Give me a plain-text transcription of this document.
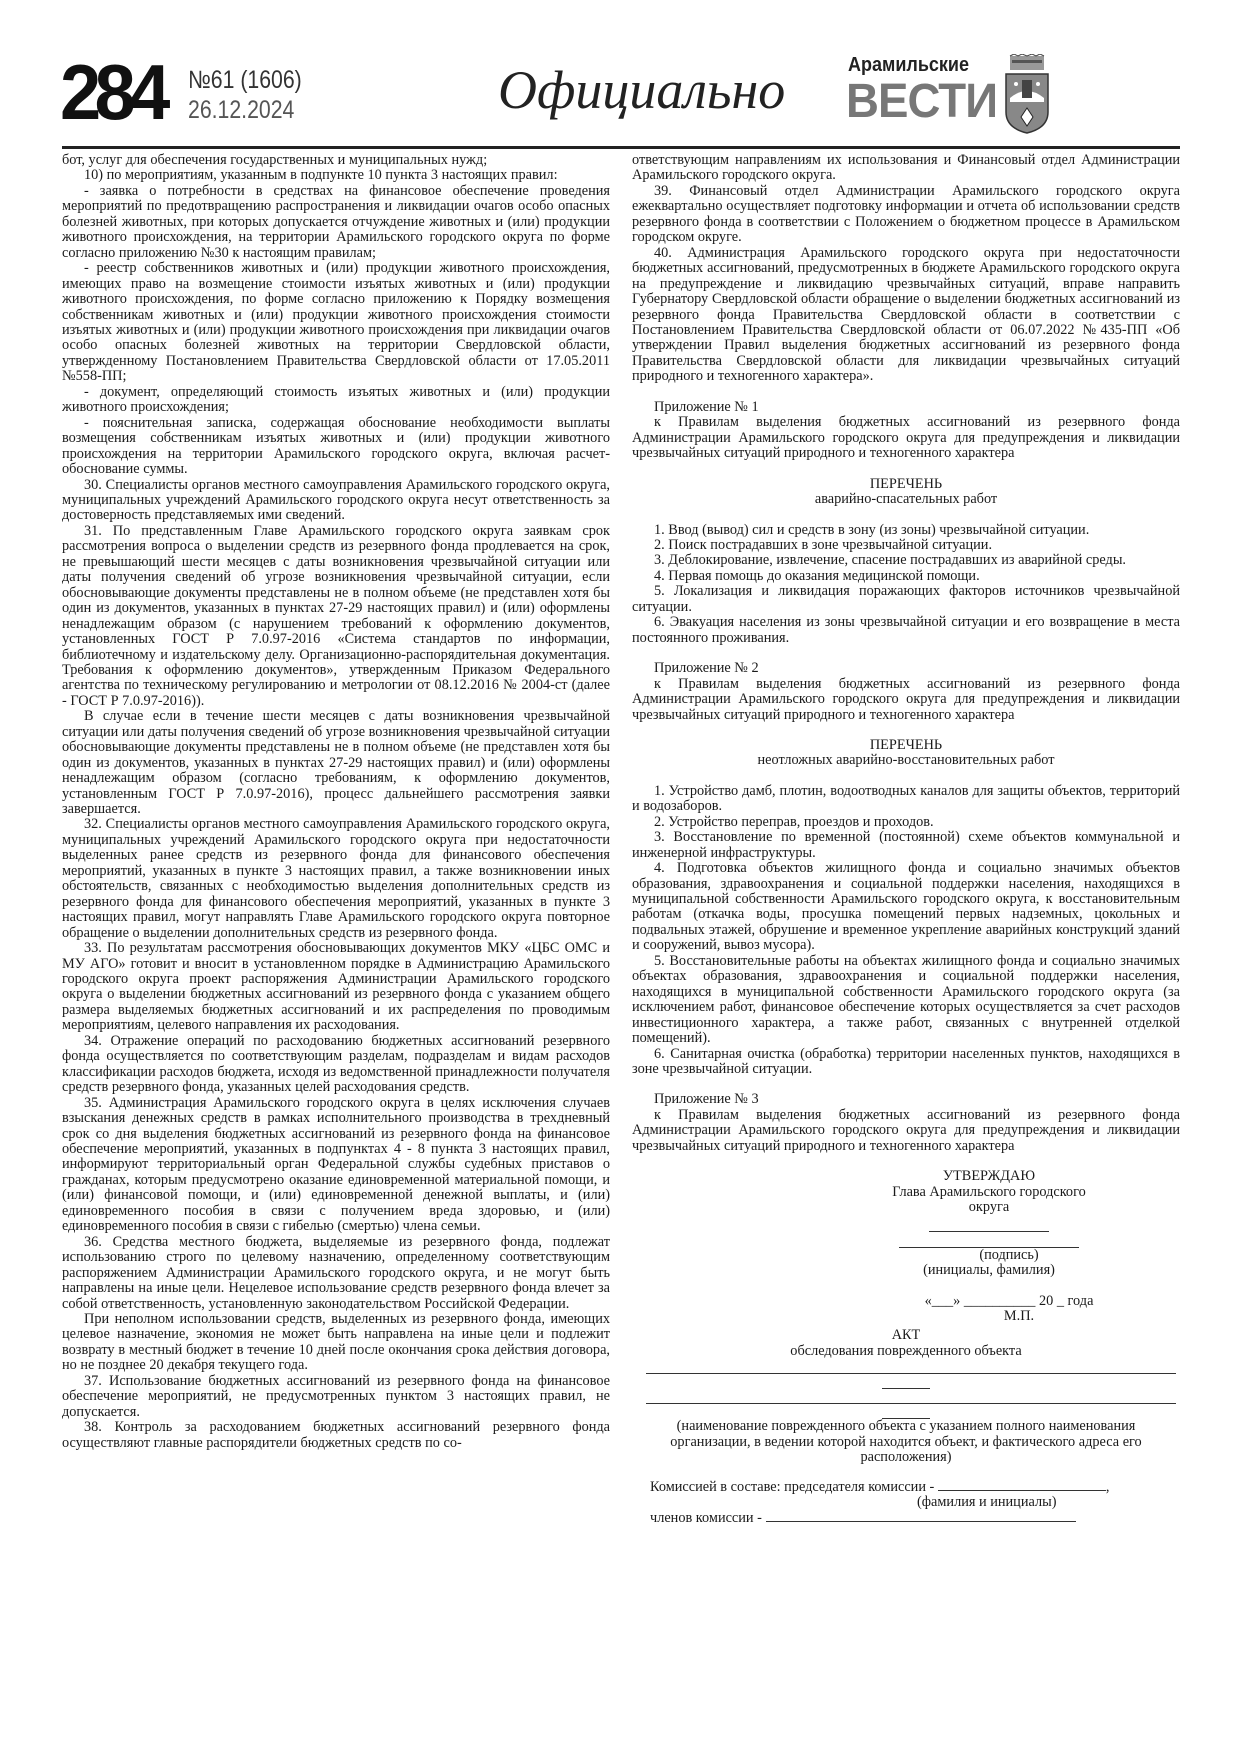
284 №61 (1606)
26.12.2024	Официально	Арамильские
ВЕСТИ

бот, услуг для обеспечения государственных и муниципальных нужд;

10) по мероприятиям, указанным в подпункте 10 пункта 3 настоящих правил:

- заявка о потребности в средствах на финансовое обеспечение проведения мероприятий по предотвращению распространения и ликвидации очагов особо опасных болезней животных, при которых допускается отчуждение животных и (или) продукции животного происхождения, на территории Арамильского городского округа по форме согласно приложению №30 к настоящим правилам;

- реестр собственников животных и (или) продукции животного происхождения, имеющих право на возмещение стоимости изъятых животных и (или) продукции животного происхождения, по форме согласно приложению к Порядку возмещения собственникам животных и (или) продукции животного происхождения стоимости изъятых животных и (или) продукции животного происхождения при ликвидации очагов особо опасных болезней животных на территории Свердловской области, утвержденному Постановлением Правительства Свердловской области от 17.05.2011 №558-ПП;

- документ, определяющий стоимость изъятых животных и (или) продукции животного происхождения;

- пояснительная записка, содержащая обоснование необходимости выплаты возмещения собственникам изъятых животных и (или) продукции животного происхождения на территории Арамильского городского округа, включая расчет-обоснование суммы.

30. Специалисты органов местного самоуправления Арамильского городского округа, муниципальных учреждений Арамильского городского округа несут ответственность за достоверность представляемых ими сведений.

31. По представленным Главе Арамильского городского округа заявкам срок рассмотрения вопроса о выделении средств из резервного фонда продлевается на срок, не превышающий шести месяцев с даты возникновения чрезвычайной ситуации или даты получения сведений об угрозе возникновения чрезвычайной ситуации, если обосновывающие документы представлены не в полном объеме (не представлен хотя бы один из документов, указанных в пунктах 27-29 настоящих правил) и (или) оформлены ненадлежащим образом (с нарушением требований к оформлению документов, установленных ГОСТ Р 7.0.97-2016 «Система стандартов по информации, библиотечному и издательскому делу. Организационно-распорядительная документация. Требования к оформлению документов», утвержденным Приказом Федерального агентства по техническому регулированию и метрологии от 08.12.2016 № 2004-ст (далее - ГОСТ Р 7.0.97-2016)).

В случае если в течение шести месяцев с даты возникновения чрезвычайной ситуации или даты получения сведений об угрозе возникновения чрезвычайной ситуации обосновывающие документы представлены не в полном объеме (не представлен хотя бы один из документов, указанных в пунктах 27-29 настоящих правил) и (или) оформлены ненадлежащим образом (согласно требованиям, к оформлению документов, установленным ГОСТ Р 7.0.97-2016), процесс дальнейшего рассмотрения заявки завершается.

32. Специалисты органов местного самоуправления Арамильского городского округа, муниципальных учреждений Арамильского городского округа при недостаточности выделенных ранее средств из резервного фонда для финансового обеспечения мероприятий, указанных в пункте 3 настоящих правил, а также возникновении иных обстоятельств, связанных с необходимостью выделения дополнительных средств из резервного фонда для финансового обеспечения мероприятий, указанных в пункте 3 настоящих правил, могут направлять Главе Арамильского городского округа повторное обращение о выделении дополнительных средств из резервного фонда.

33. По результатам рассмотрения обосновывающих документов МКУ «ЦБС ОМС и МУ АГО» готовит и вносит в установленном порядке в Администрацию Арамильского городского округа проект распоряжения Администрации Арамильского городского округа о выделении бюджетных ассигнований из резервного фонда с указанием общего размера выделяемых бюджетных ассигнований и их распределения по проводимым мероприятиям, целевого направления их расходования.

34. Отражение операций по расходованию бюджетных ассигнований резервного фонда осуществляется по соответствующим разделам, подразделам и видам расходов классификации расходов бюджета, исходя из ведомственной принадлежности получателя средств резервного фонда, указанных целей расходования средств.

35. Администрация Арамильского городского округа в целях исключения случаев взыскания денежных средств в рамках исполнительного производства в трехдневный срок со дня выделения бюджетных ассигнований из резервного фонда на финансовое обеспечение мероприятий, указанных в подпунктах 4 - 8 пункта 3 настоящих правил, информируют территориальный орган Федеральной службы судебных приставов о гражданах, которым предусмотрено оказание единовременной материальной помощи, и (или) финансовой помощи, и (или) единовременной денежной выплаты, и (или) единовременного пособия в связи с получением вреда здоровью, и (или) единовременного пособия в связи с гибелью (смертью) члена семьи.

36. Средства местного бюджета, выделяемые из резервного фонда, подлежат использованию строго по целевому назначению, определенному соответствующим распоряжением Администрации Арамильского городского округа, и не могут быть направлены на иные цели. Нецелевое использование средств резервного фонда влечет за собой ответственность, установленную законодательством Российской Федерации.

При неполном использовании средств, выделенных из резервного фонда, имеющих целевое назначение, экономия не может быть направлена на иные цели и подлежит возврату в местный бюджет в течение 10 дней после окончания срока действия договора, но не позднее 20 декабря текущего года.

37. Использование бюджетных ассигнований из резервного фонда на финансовое обеспечение мероприятий, не предусмотренных пунктом 3 настоящих правил, не допускается.

38. Контроль за расходованием бюджетных ассигнований резервного фонда осуществляют главные распорядители бюджетных средств по со-

ответствующим направлениям их использования и Финансовый отдел Администрации Арамильского городского округа.

39. Финансовый отдел Администрации Арамильского городского округа ежеквартально осуществляет подготовку информации и отчета об использовании средств резервного фонда в соответствии с Положением о бюджетном процессе в Арамильском городском округе.

40. Администрация Арамильского городского округа при недостаточности бюджетных ассигнований, предусмотренных в бюджете Арамильского городского округа на предупреждение и ликвидацию чрезвычайных ситуаций, вправе направить Губернатору Свердловской области обращение о выделении бюджетных ассигнований из резервного фонда Правительства Свердловской области в соответствии с Постановлением Правительства Свердловской области от 06.07.2022 №435-ПП «Об утверждении Правил выделения бюджетных ассигнований из резервного фонда Правительства Свердловской области для ликвидации чрезвычайных ситуаций природного и техногенного характера».

Приложение № 1

к Правилам выделения бюджетных ассигнований из резервного фонда Администрации Арамильского городского округа для предупреждения и ликвидации чрезвычайных ситуаций природного и техногенного характера

ПЕРЕЧЕНЬ

аварийно-спасательных работ

1. Ввод (вывод) сил и средств в зону (из зоны) чрезвычайной ситуации.

2. Поиск пострадавших в зоне чрезвычайной ситуации.

3. Деблокирование, извлечение, спасение пострадавших из аварийной среды.

4. Первая помощь до оказания медицинской помощи.

5. Локализация и ликвидация поражающих факторов источников чрезвычайной ситуации.

6. Эвакуация населения из зоны чрезвычайной ситуации и его возвращение в места постоянного проживания.

Приложение № 2

к Правилам выделения бюджетных ассигнований из резервного фонда Администрации Арамильского городского округа для предупреждения и ликвидации чрезвычайных ситуаций природного и техногенного характера

ПЕРЕЧЕНЬ

неотложных аварийно-восстановительных работ

1. Устройство дамб, плотин, водоотводных каналов для защиты объектов, территорий и водозаборов.

2. Устройство переправ, проездов и проходов.

3. Восстановление по временной (постоянной) схеме объектов коммунальной и инженерной инфраструктуры.

4. Подготовка объектов жилищного фонда и социально значимых объектов образования, здравоохранения и социальной поддержки населения, находящихся в муниципальной собственности Арамильского городского округа, к восстановительным работам (откачка воды, просушка помещений первых надземных, цокольных и подвальных этажей, обрушение и временное укрепление аварийных конструкций зданий и сооружений, вывоз мусора).

5. Восстановительные работы на объектах жилищного фонда и социально значимых объектах образования, здравоохранения и социальной поддержки населения, находящихся в муниципальной собственности Арамильского городского округа (за исключением работ, финансовое обеспечение которых осуществляется за счет расходов инвестиционного характера, а также работ, связанных с внутренней отделкой помещений).

6. Санитарная очистка (обработка) территории населенных пунктов, находящихся в зоне чрезвычайной ситуации.

Приложение № 3

к Правилам выделения бюджетных ассигнований из резервного фонда Администрации Арамильского городского округа для предупреждения и ликвидации чрезвычайных ситуаций природного и техногенного характера

УТВЕРЖДАЮ
Глава Арамильского городского
округа
(подпись)
(инициалы, фамилия)
«___» __________ 20 _ года
М.П.

АКТ

обследования поврежденного объекта

(наименование поврежденного объекта с указанием полного наименования организации, в ведении которой находится объект, и фактического адреса его расположения)

Комиссией в составе: председателя комиссии -	,

(фамилия и инициалы)

членов комиссии -
